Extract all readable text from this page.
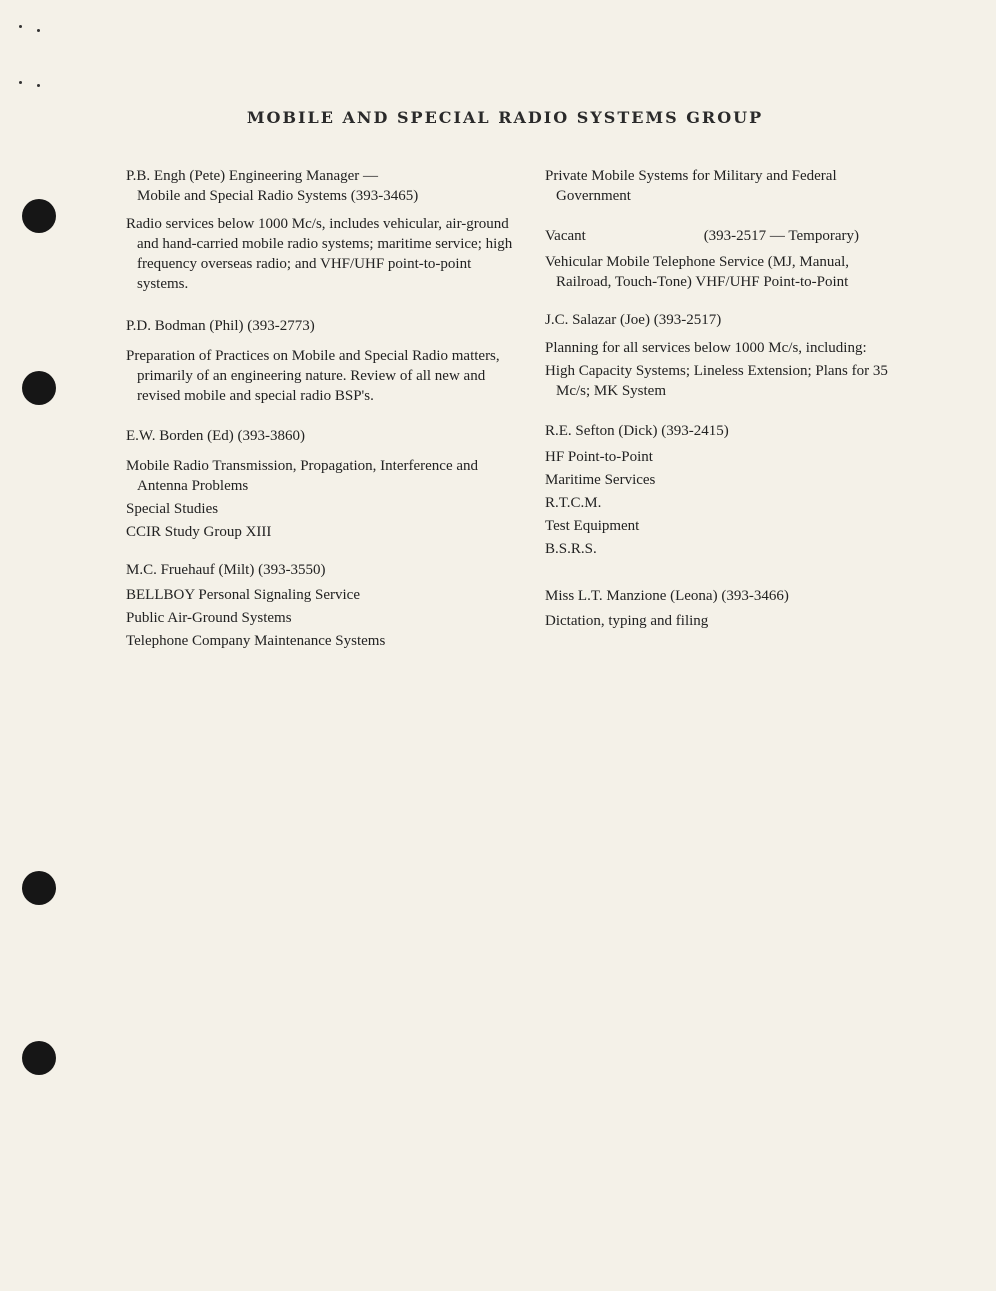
MOBILE AND SPECIAL RADIO SYSTEMS GROUP

P.B. Engh (Pete) Engineering Manager —

Mobile and Special Radio Systems (393-3465)

Radio services below 1000 Mc/s, includes vehicular, air-ground and hand-carried mobile radio systems; maritime service; high frequency overseas radio; and VHF/UHF point-to-point systems.

P.D. Bodman (Phil) (393-2773)

Preparation of Practices on Mobile and Special Radio matters, primarily of an engineering nature. Review of all new and revised mobile and special radio BSP's.

E.W. Borden (Ed) (393-3860)

Mobile Radio Transmission, Propagation, Interference and Antenna Problems

Special Studies

CCIR Study Group XIII

M.C. Fruehauf (Milt) (393-3550)

BELLBOY Personal Signaling Service

Public Air-Ground Systems

Telephone Company Maintenance Systems

Private Mobile Systems for Military and Federal Government

Vacant	(393-2517 — Temporary)

Vehicular Mobile Telephone Service (MJ, Manual, Railroad, Touch-Tone) VHF/UHF Point-to-Point

J.C. Salazar (Joe) (393-2517)

Planning for all services below 1000 Mc/s, including:

High Capacity Systems; Lineless Extension; Plans for 35 Mc/s; MK System

R.E. Sefton (Dick) (393-2415)

HF Point-to-Point

Maritime Services

R.T.C.M.

Test Equipment

B.S.R.S.

Miss L.T. Manzione (Leona) (393-3466)

Dictation, typing and filing
